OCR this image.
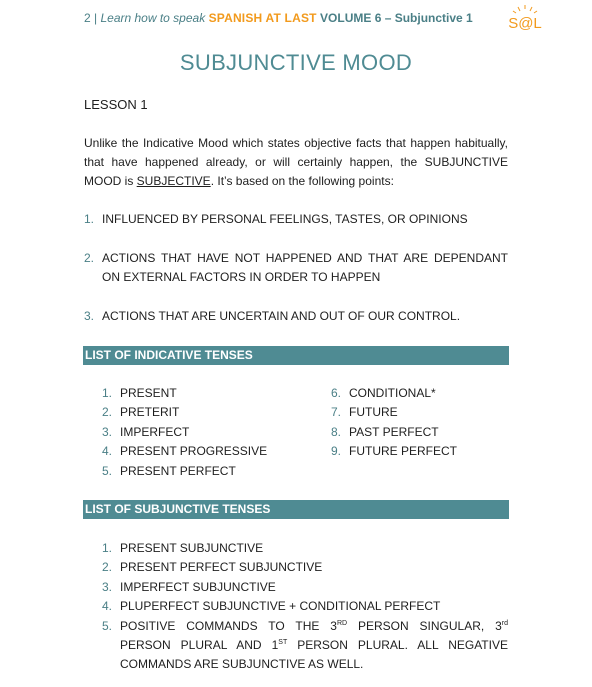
2 | Learn how to speak SPANISH AT LAST VOLUME 6 – Subjunctive 1	S@L
SUBJUNCTIVE MOOD
LESSON 1
Unlike the Indicative Mood which states objective facts that happen habitually, that have happened already, or will certainly happen, the SUBJUNCTIVE MOOD is SUBJECTIVE. It’s based on the following points:
1. INFLUENCED BY PERSONAL FEELINGS, TASTES, OR OPINIONS
2. ACTIONS THAT HAVE NOT HAPPENED AND THAT ARE DEPENDANT ON EXTERNAL FACTORS IN ORDER TO HAPPEN
3. ACTIONS THAT ARE UNCERTAIN AND OUT OF OUR CONTROL.
LIST OF INDICATIVE TENSES
1. PRESENT
2. PRETERIT
3. IMPERFECT
4. PRESENT PROGRESSIVE
5. PRESENT PERFECT
6. CONDITIONAL*
7. FUTURE
8. PAST PERFECT
9. FUTURE PERFECT
LIST OF SUBJUNCTIVE TENSES
1. PRESENT SUBJUNCTIVE
2. PRESENT PERFECT SUBJUNCTIVE
3. IMPERFECT SUBJUNCTIVE
4. PLUPERFECT SUBJUNCTIVE + CONDITIONAL PERFECT
5. POSITIVE COMMANDS TO THE 3RD PERSON SINGULAR, 3rd PERSON PLURAL AND 1ST PERSON PLURAL. ALL NEGATIVE COMMANDS ARE SUBJUNCTIVE AS WELL.
